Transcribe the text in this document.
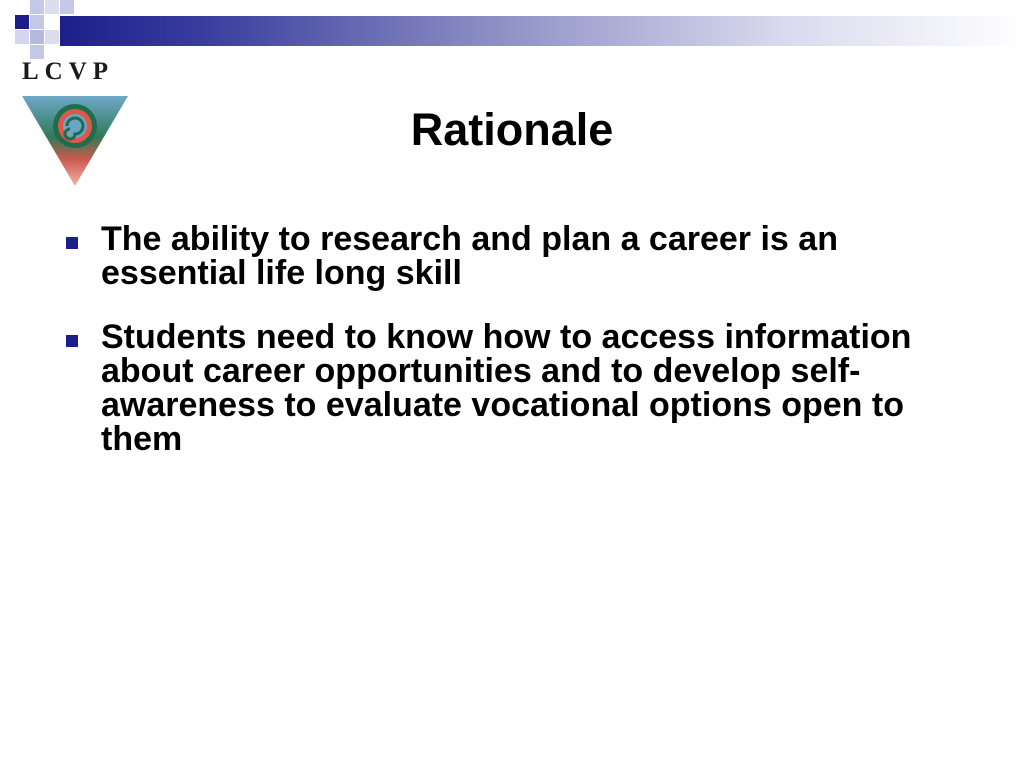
LCVP
Rationale
The ability to research and plan a career is an essential life long skill
Students need to know how to access information about career opportunities and to develop self-awareness to evaluate vocational options open to them
